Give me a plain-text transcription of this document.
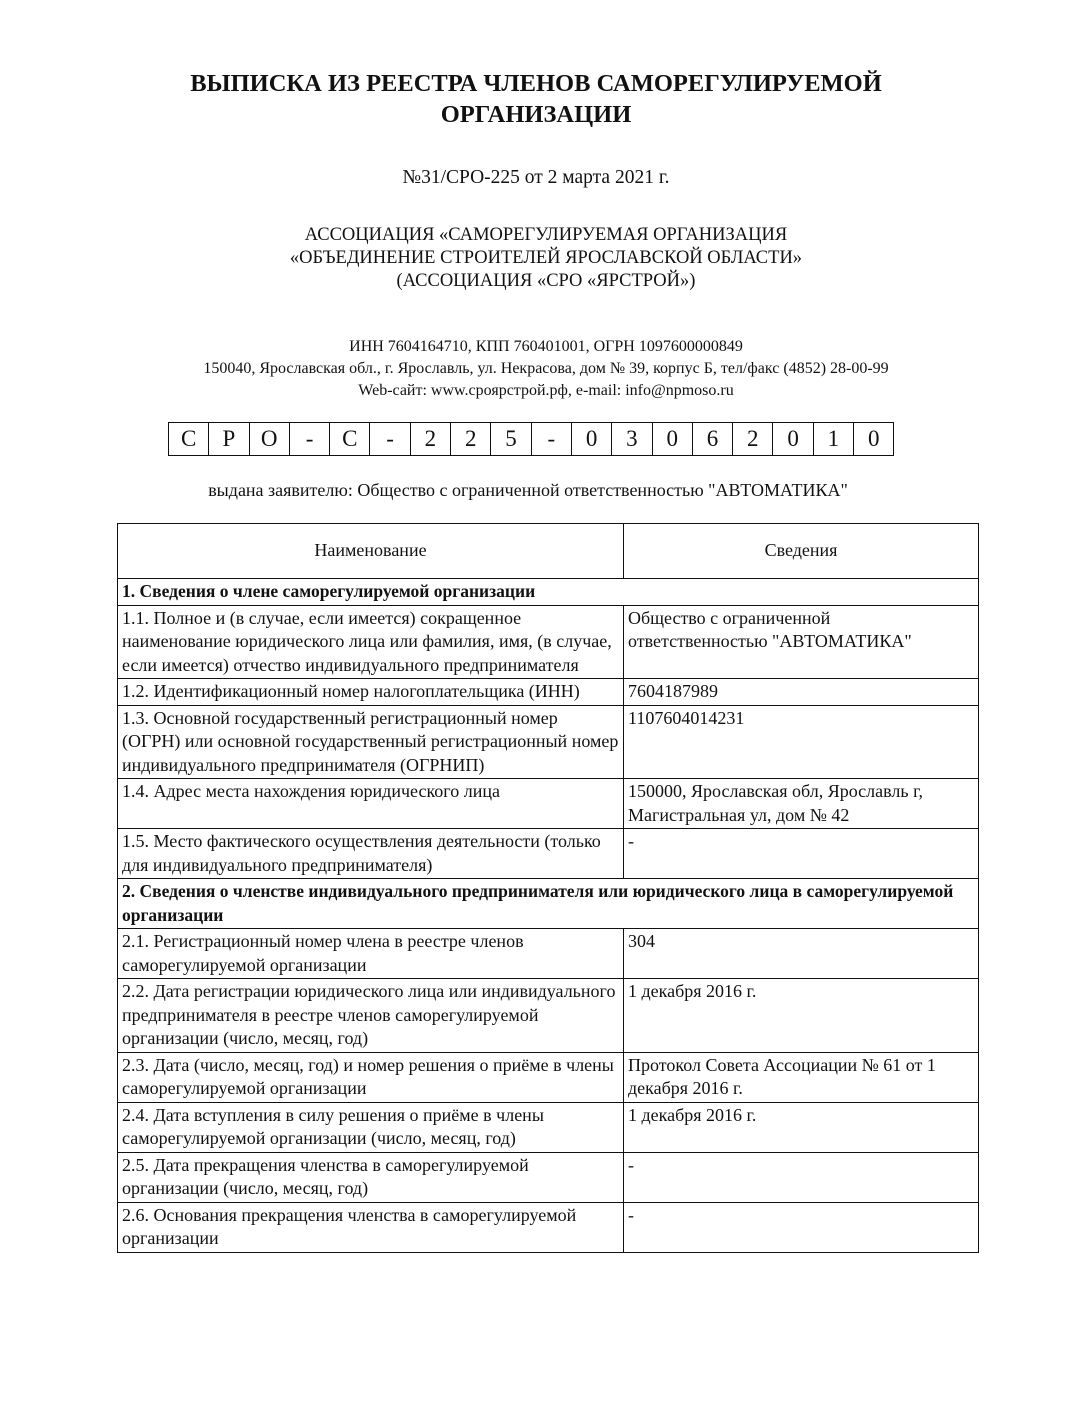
ВЫПИСКА ИЗ РЕЕСТРА ЧЛЕНОВ САМОРЕГУЛИРУЕМОЙ
ОРГАНИЗАЦИИ
№31/СРО-225 от 2 марта 2021 г.
АССОЦИАЦИЯ «САМОРЕГУЛИРУЕМАЯ ОРГАНИЗАЦИЯ
«ОБЪЕДИНЕНИЕ СТРОИТЕЛЕЙ ЯРОСЛАВСКОЙ ОБЛАСТИ»
(АССОЦИАЦИЯ «СРО «ЯРСТРОЙ»)
ИНН 7604164710, КПП 760401001, ОГРН 1097600000849
150040, Ярославская обл., г. Ярославль, ул. Некрасова, дом № 39, корпус Б, тел/факс (4852) 28-00-99
Web-сайт: www.сроярстрой.рф, e-mail: info@npmoso.ru
С	Р	О	-	С	-	2	2	5	-	0	3	0	6	2	0	1	0
выдана заявителю: Общество с ограниченной ответственностью "АВТОМАТИКА"
Наименование	Сведения
1. Сведения о члене саморегулируемой организации	
1.1. Полное и (в случае, если имеется) сокращенное наименование юридического лица или фамилия, имя, (в случае, если имеется) отчество индивидуального предпринимателя	Общество с ограниченной ответственностью "АВТОМАТИКА"
1.2. Идентификационный номер налогоплательщика (ИНН)	7604187989
1.3. Основной государственный регистрационный номер (ОГРН) или основной государственный регистрационный номер индивидуального предпринимателя (ОГРНИП)	1107604014231
1.4. Адрес места нахождения юридического лица	150000, Ярославская обл, Ярославль г, Магистральная ул, дом № 42
1.5. Место фактического осуществления деятельности (только для индивидуального предпринимателя)	-
2. Сведения о членстве индивидуального предпринимателя или юридического лица в саморегулируемой организации	
2.1. Регистрационный номер члена в реестре членов саморегулируемой организации	304
2.2. Дата регистрации юридического лица или индивидуального предпринимателя в реестре членов саморегулируемой организации (число, месяц, год)	1 декабря 2016 г.
2.3. Дата (число, месяц, год) и номер решения о приёме в члены саморегулируемой организации	Протокол Совета Ассоциации № 61 от 1 декабря 2016 г.
2.4. Дата вступления в силу решения о приёме в члены саморегулируемой организации (число, месяц, год)	1 декабря 2016 г.
2.5. Дата прекращения членства в саморегулируемой организации (число, месяц, год)	-
2.6. Основания прекращения членства в саморегулируемой организации	-
